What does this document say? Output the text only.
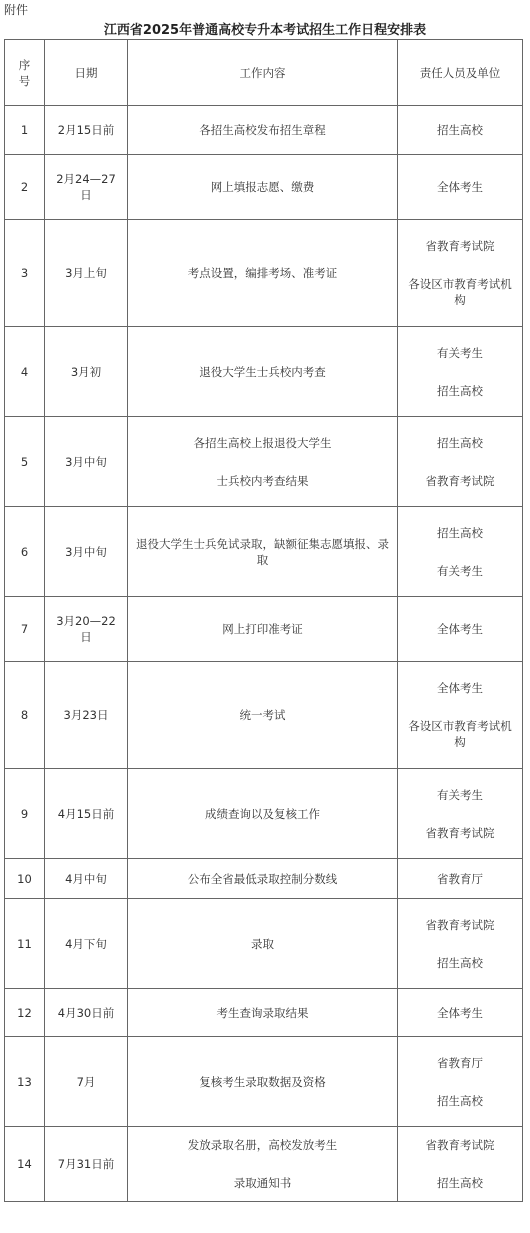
附件
江西省2025年普通高校专升本考试招生工作日程安排表
序号	日期	工作内容	责任人员及单位
1	2月15日前	各招生高校发布招生章程	招生高校

2	2月24—27日	网上填报志愿、缴费	全体考生

3	3月上旬	考点设置，编排考场、准考证	省教育考试院
各设区市教育考试机构

4	3月初	退役大学生士兵校内考查	有关考生
招生高校

5	3月中旬	各招生高校上报退役大学生
士兵校内考查结果	招生高校
省教育考试院

6	3月中旬	退役大学生士兵免试录取，缺额征集志愿填报、录取	招生高校
有关考生

7	3月20—22日	网上打印准考证	全体考生

8	3月23日	统一考试	全体考生
各设区市教育考试机构

9	4月15日前	成绩查询以及复核工作	有关考生
省教育考试院

10	4月中旬	公布全省最低录取控制分数线	省教育厅

11	4月下旬	录取	省教育考试院
招生高校

12	4月30日前	考生查询录取结果	全体考生

13	7月	复核考生录取数据及资格	省教育厅
招生高校

14	7月31日前	发放录取名册，高校发放考生
录取通知书	省教育考试院
招生高校
